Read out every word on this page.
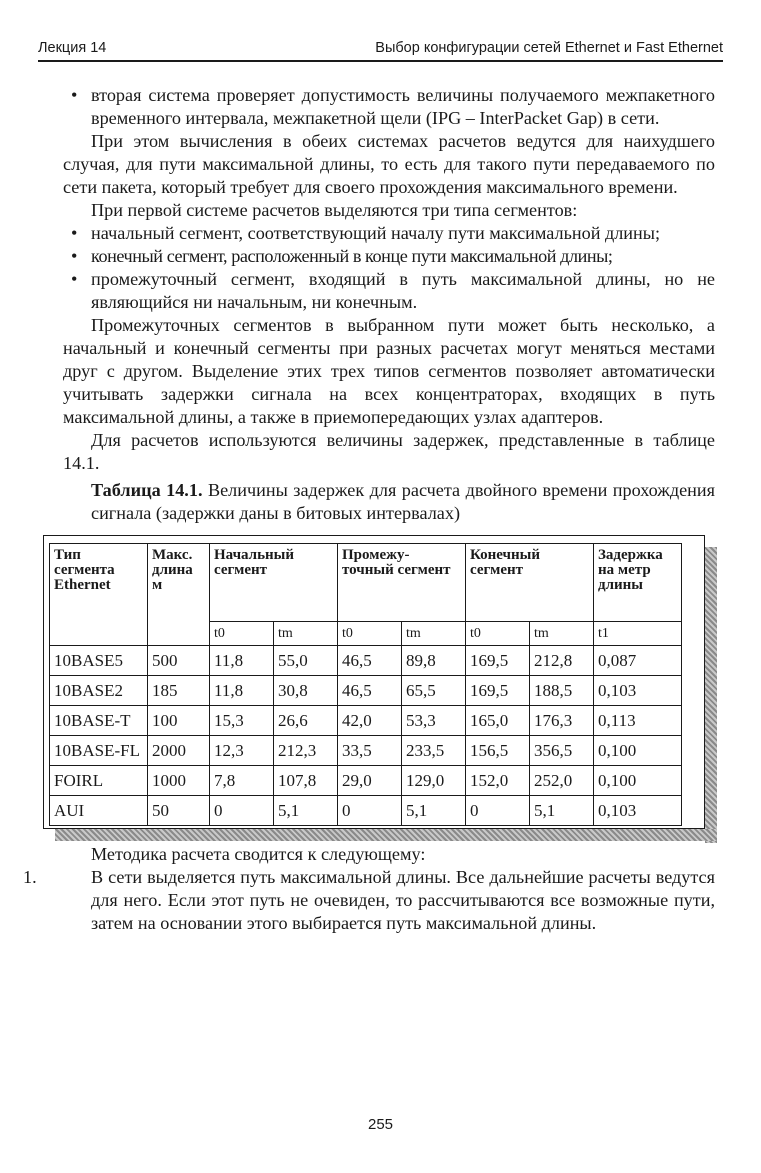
Лекция 14	Выбор конфигурации сетей Ethernet и Fast Ethernet

• вторая система проверяет допустимость величины получаемого межпакетного временного интервала, межпакетной щели (IPG – InterPacket Gap) в сети.

При этом вычисления в обеих системах расчетов ведутся для наихудшего случая, для пути максимальной длины, то есть для такого пути передаваемого по сети пакета, который требует для своего прохождения максимального времени.

При первой системе расчетов выделяются три типа сегментов:

• начальный сегмент, соответствующий началу пути максимальной длины;

• конечный сегмент, расположенный в конце пути максимальной длины;

• промежуточный сегмент, входящий в путь максимальной длины, но не являющийся ни начальным, ни конечным.

Промежуточных сегментов в выбранном пути может быть несколько, а начальный и конечный сегменты при разных расчетах могут меняться местами друг с другом. Выделение этих трех типов сегментов позволяет автоматически учитывать задержки сигнала на всех концентраторах, входящих в путь максимальной длины, а также в приемопередающих узлах адаптеров.

Для расчетов используются величины задержек, представленные в таблице 14.1.

Таблица 14.1. Величины задержек для расчета двойного времени прохождения сигнала (задержки даны в битовых интервалах)

Тип сегмента Ethernet	Макс. длина м	Начальный сегмент		Промежу-точный сегмент		Конечный сегмент		Задержка на метр длины
		t0	tm	t0	tm	t0	tm	t1
10BASE5	500	11,8	55,0	46,5	89,8	169,5	212,8	0,087
10BASE2	185	11,8	30,8	46,5	65,5	169,5	188,5	0,103
10BASE-T	100	15,3	26,6	42,0	53,3	165,0	176,3	0,113
10BASE-FL	2000	12,3	212,3	33,5	233,5	156,5	356,5	0,100
FOIRL	1000	7,8	107,8	29,0	129,0	152,0	252,0	0,100
AUI	50	0	5,1	0	5,1	0	5,1	0,103

Методика расчета сводится к следующему:

1.	В сети выделяется путь максимальной длины. Все дальнейшие расчеты ведутся для него. Если этот путь не очевиден, то рассчитываются все возможные пути, затем на основании этого выбирается путь максимальной длины.

255
